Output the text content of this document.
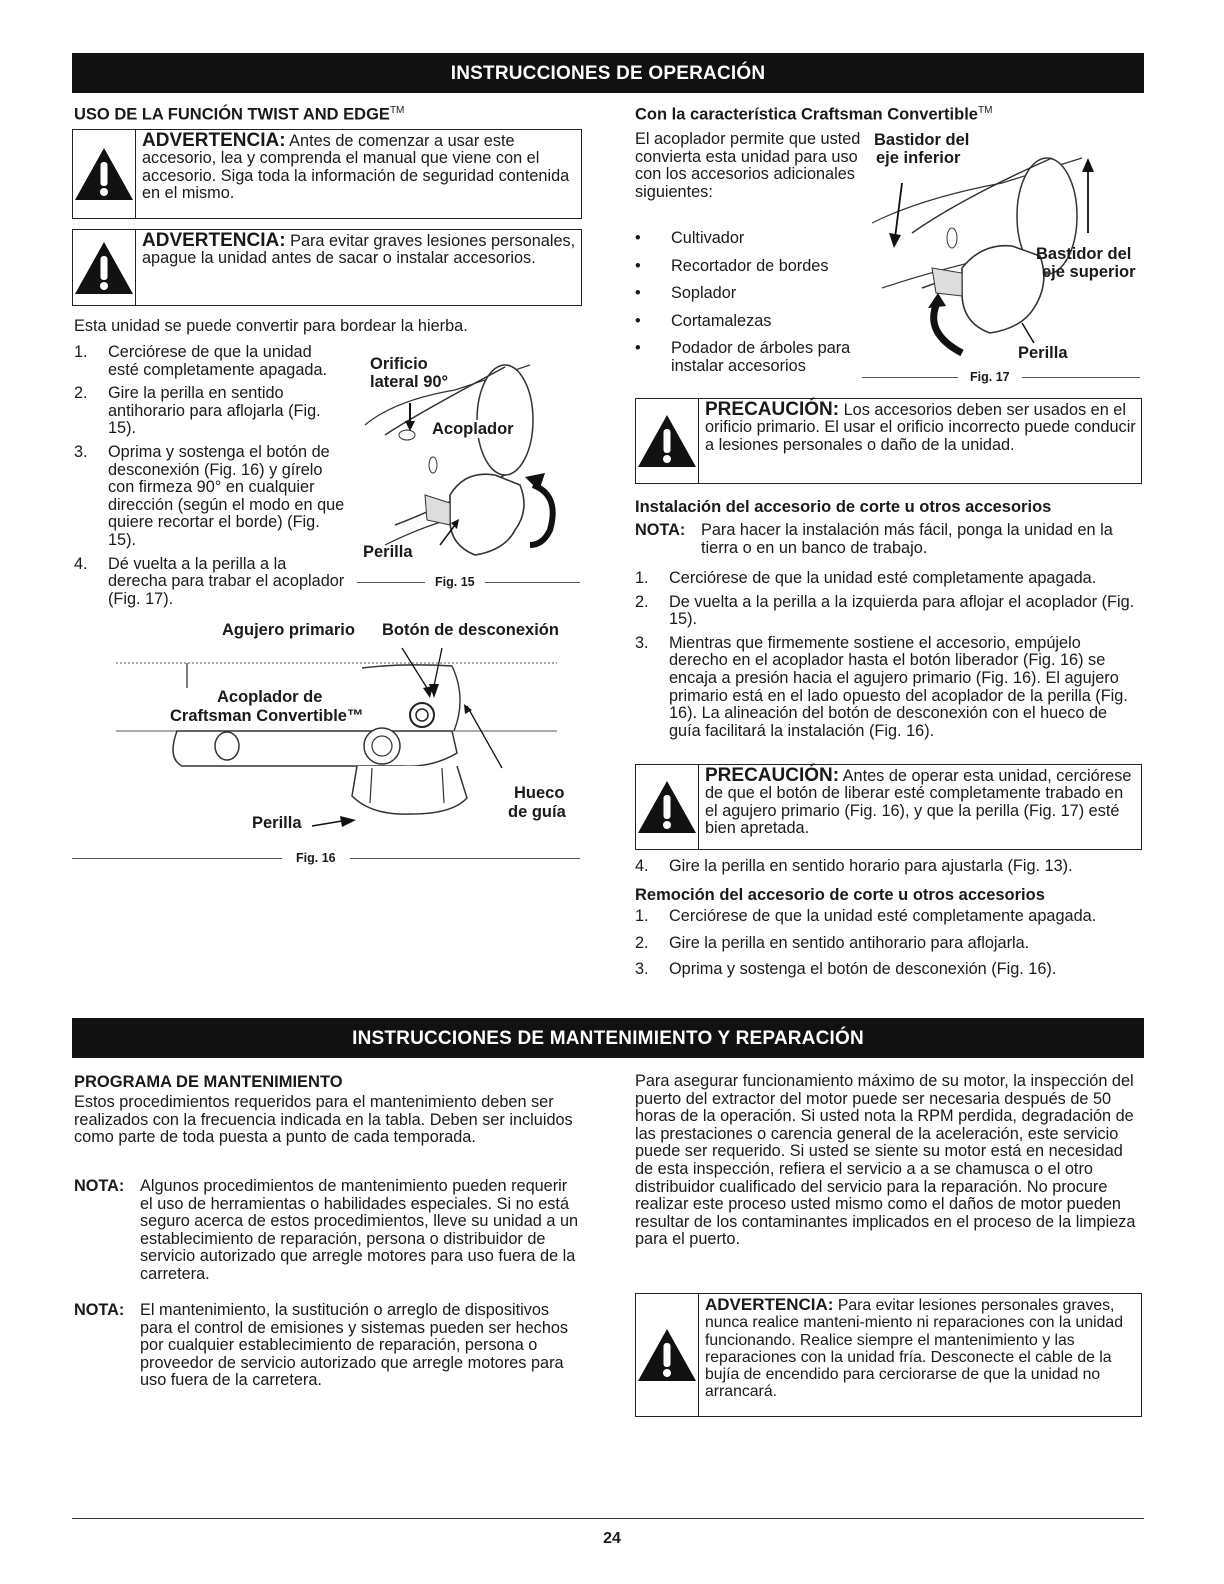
INSTRUCCIONES DE OPERACIÓN
USO DE LA FUNCIÓN TWIST AND EDGE™
ADVERTENCIA: Antes de comenzar a usar este accesorio, lea y comprenda el manual que viene con el accesorio. Siga toda la información de seguridad contenida en el mismo.
ADVERTENCIA: Para evitar graves lesiones personales, apague la unidad antes de sacar o instalar accesorios.
Esta unidad se puede convertir para bordear la hierba.
1.	Cerciórese de que la unidad esté completamente apagada.
2.	Gire la perilla en sentido antihorario para aflojarla (Fig. 15).
3.	Oprima y sostenga el botón de desconexión (Fig. 16) y gírelo con firmeza 90° en cualquier dirección (según el modo en que quiere recortar el borde) (Fig. 15).
4.	Dé vuelta a la perilla a la derecha para trabar el acoplador (Fig. 17).
Orificio
lateral 90°
Acoplador
Perilla
Fig. 15
Agujero primario Botón de desconexión
Acoplador de
Craftsman Convertible™
Perilla
Hueco
de guía
Fig. 16
Con la característica Craftsman Convertible™
El acoplador permite que usted convierta esta unidad para uso con los accesorios adicionales siguientes:
•	Cultivador
•	Recortador de bordes
•	Soplador
•	Cortamalezas
•	Podador de árboles para instalar accesorios
Bastidor del
eje inferior
Bastidor del
eje superior
Perilla
Fig. 17
PRECAUCIÓN: Los accesorios deben ser usados en el orificio primario. El usar el orificio incorrecto puede conducir a lesiones personales o daño de la unidad.
Instalación del accesorio de corte u otros accesorios
NOTA: Para hacer la instalación más fácil, ponga la unidad en la tierra o en un banco de trabajo.
1.	Cerciórese de que la unidad esté completamente apagada.
2.	De vuelta a la perilla a la izquierda para aflojar el acoplador (Fig. 15).
3.	Mientras que firmemente sostiene el accesorio, empújelo derecho en el acoplador hasta el botón liberador (Fig. 16) se encaja a presión hacia el agujero primario (Fig. 16). El agujero primario está en el lado opuesto del acoplador de la perilla (Fig. 16). La alineación del botón de desconexión con el hueco de guía facilitará la instalación (Fig. 16).
PRECAUCIÓN: Antes de operar esta unidad, cerciórese de que el botón de liberar esté completamente trabado en el agujero primario (Fig. 16), y que la perilla (Fig. 17) esté bien apretada.
4.	Gire la perilla en sentido horario para ajustarla (Fig. 13).
Remoción del accesorio de corte u otros accesorios
1.	Cerciórese de que la unidad esté completamente apagada.
2.	Gire la perilla en sentido antihorario para aflojarla.
3.	Oprima y sostenga el botón de desconexión (Fig. 16).
INSTRUCCIONES DE MANTENIMIENTO Y REPARACIÓN
PROGRAMA DE MANTENIMIENTO
Estos procedimientos requeridos para el mantenimiento deben ser realizados con la frecuencia indicada en la tabla. Deben ser incluidos como parte de toda puesta a punto de cada temporada.
NOTA: Algunos procedimientos de mantenimiento pueden requerir el uso de herramientas o habilidades especiales. Si no está seguro acerca de estos procedimientos, lleve su unidad a un establecimiento de reparación, persona o distribuidor de servicio autorizado que arregle motores para uso fuera de la carretera.
NOTA: El mantenimiento, la sustitución o arreglo de dispositivos para el control de emisiones y sistemas pueden ser hechos por cualquier establecimiento de reparación, persona o proveedor de servicio autorizado que arregle motores para uso fuera de la carretera.
Para asegurar funcionamiento máximo de su motor, la inspección del puerto del extractor del motor puede ser necesaria después de 50 horas de la operación. Si usted nota la RPM perdida, degradación de las prestaciones o carencia general de la aceleración, este servicio puede ser requerido. Si usted se siente su motor está en necesidad de esta inspección, refiera el servicio a a se chamusca o el otro distribuidor cualificado del servicio para la reparación. No procure realizar este proceso usted mismo como el daños de motor pueden resultar de los contaminantes implicados en el proceso de la limpieza para el puerto.
ADVERTENCIA: Para evitar lesiones personales graves, nunca realice manteni-miento ni reparaciones con la unidad funcionando. Realice siempre el mantenimiento y las reparaciones con la unidad fría. Desconecte el cable de la bujía de encendido para cerciorarse de que la unidad no arrancará.
24
